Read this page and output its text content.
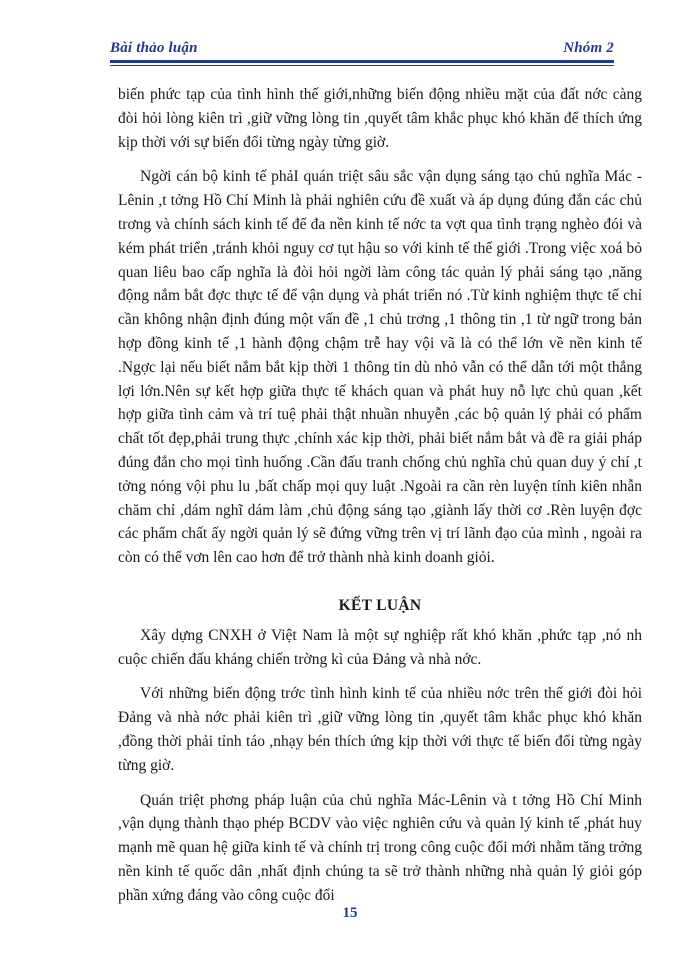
Bài thảo luận	Nhóm 2

biến phức tạp của tình hình thế giới,những biến động nhiều mặt của đất nớc càng đòi hỏi lòng kiên trì ,giữ vững lòng tin ,quyết tâm khắc phục khó khăn để thích ứng kịp thời với sự biến đổi từng ngày từng giờ.

Ngời cán bộ kinh tế phảI quán triệt sâu sắc vận dụng sáng tạo chủ nghĩa Mác -Lênin ,t tởng Hồ Chí Minh là phải nghiên cứu đề xuất và áp dụng đúng đắn các chủ trơng và chính sách kinh tế để đa nền kinh tế nớc ta vợt qua tình trạng nghèo đói và kém phát triển ,tránh khỏi nguy cơ tụt hậu so với kinh tế thế giới .Trong việc xoá bỏ quan liêu bao cấp nghĩa là đòi hỏi ngời làm công tác quản lý phải sáng tạo ,năng động nắm bắt đợc thực tế để vận dụng và phát triển nó .Từ kinh nghiệm thực tế chỉ cần không nhận định đúng một vấn đề ,1 chủ trơng ,1 thông tin ,1 từ ngữ trong bản hợp đồng kinh tế ,1 hành động chậm trễ hay vội vã là có thể lớn về nền kinh tế .Ngợc lại nếu biết nắm bắt kịp thời 1 thông tin dù nhỏ vẫn có thể dẫn tới một thắng lợi lớn.Nên sự kết hợp giữa thực tế khách quan và phát huy nỗ lực chủ quan ,kết hợp giữa tình cảm và trí tuệ phải thật nhuần nhuyễn ,các bộ quản lý phải có phẩm chất tốt đẹp,phải trung thực ,chính xác kịp thời, phải biết nắm bắt và đề ra giải pháp đúng đắn cho mọi tình huống .Cần đấu tranh chống chủ nghĩa chủ quan duy ý chí ,t tởng nóng vội phu lu ,bất chấp mọi quy luật .Ngoài ra cần rèn luyện tính kiên nhẫn chăm chỉ ,dám nghĩ dám làm ,chủ động sáng tạo ,giành lấy thời cơ .Rèn luyện đợc các phẩm chất ấy ngời quản lý sẽ đứng vững trên vị trí lãnh đạo của mình , ngoài ra còn có thể vơn lên cao hơn để trở thành nhà kinh doanh giỏi.

KẾT LUẬN

Xây dựng CNXH ở Việt Nam là một sự nghiệp rất khó khăn ,phức tạp ,nó nh cuộc chiến đấu kháng chiến trờng kì của Đảng và nhà nớc.

Với những biến động trớc tình hình kinh tế của nhiều nớc trên thế giới đòi hỏi Đảng và nhà nớc phải kiên trì ,giữ vững lòng tin ,quyết tâm khắc phục khó khăn ,đồng thời phải tỉnh táo ,nhạy bén thích ứng kịp thời với thực tế biến đổi từng ngày từng giờ.

Quán triệt phơng pháp luận của chủ nghĩa Mác-Lênin và t tởng Hồ Chí Minh ,vận dụng thành thạo phép BCDV vào việc nghiên cứu và quản lý kinh tế ,phát huy mạnh mẽ quan hệ giữa kinh tế và chính trị trong công cuộc đổi mới nhằm tăng trởng nền kinh tế quốc dân ,nhất định chúng ta sẽ trở thành những nhà quản lý giỏi góp phần xứng đáng vào công cuộc đổi

15
